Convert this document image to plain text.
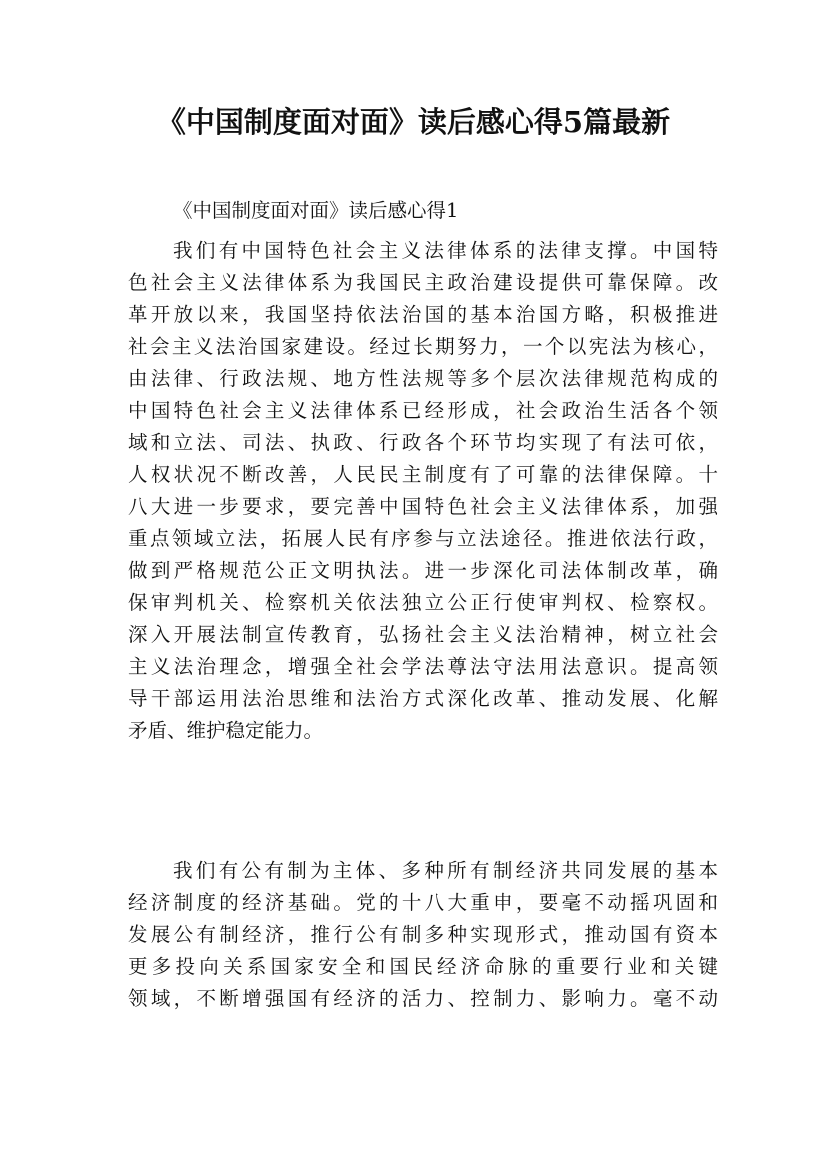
《中国制度面对面》读后感心得5篇最新
《中国制度面对面》读后感心得1
我们有中国特色社会主义法律体系的法律支撑。中国特
色社会主义法律体系为我国民主政治建设提供可靠保障。改
革开放以来，我国坚持依法治国的基本治国方略，积极推进
社会主义法治国家建设。经过长期努力，一个以宪法为核心，
由法律、行政法规、地方性法规等多个层次法律规范构成的
中国特色社会主义法律体系已经形成，社会政治生活各个领
域和立法、司法、执政、行政各个环节均实现了有法可依，
人权状况不断改善，人民民主制度有了可靠的法律保障。十
八大进一步要求，要完善中国特色社会主义法律体系，加强
重点领域立法，拓展人民有序参与立法途径。推进依法行政，
做到严格规范公正文明执法。进一步深化司法体制改革，确
保审判机关、检察机关依法独立公正行使审判权、检察权。
深入开展法制宣传教育，弘扬社会主义法治精神，树立社会
主义法治理念，增强全社会学法尊法守法用法意识。提高领
导干部运用法治思维和法治方式深化改革、推动发展、化解
矛盾、维护稳定能力。
我们有公有制为主体、多种所有制经济共同发展的基本
经济制度的经济基础。党的十八大重申，要毫不动摇巩固和
发展公有制经济，推行公有制多种实现形式，推动国有资本
更多投向关系国家安全和国民经济命脉的重要行业和关键
领域，不断增强国有经济的活力、控制力、影响力。毫不动
